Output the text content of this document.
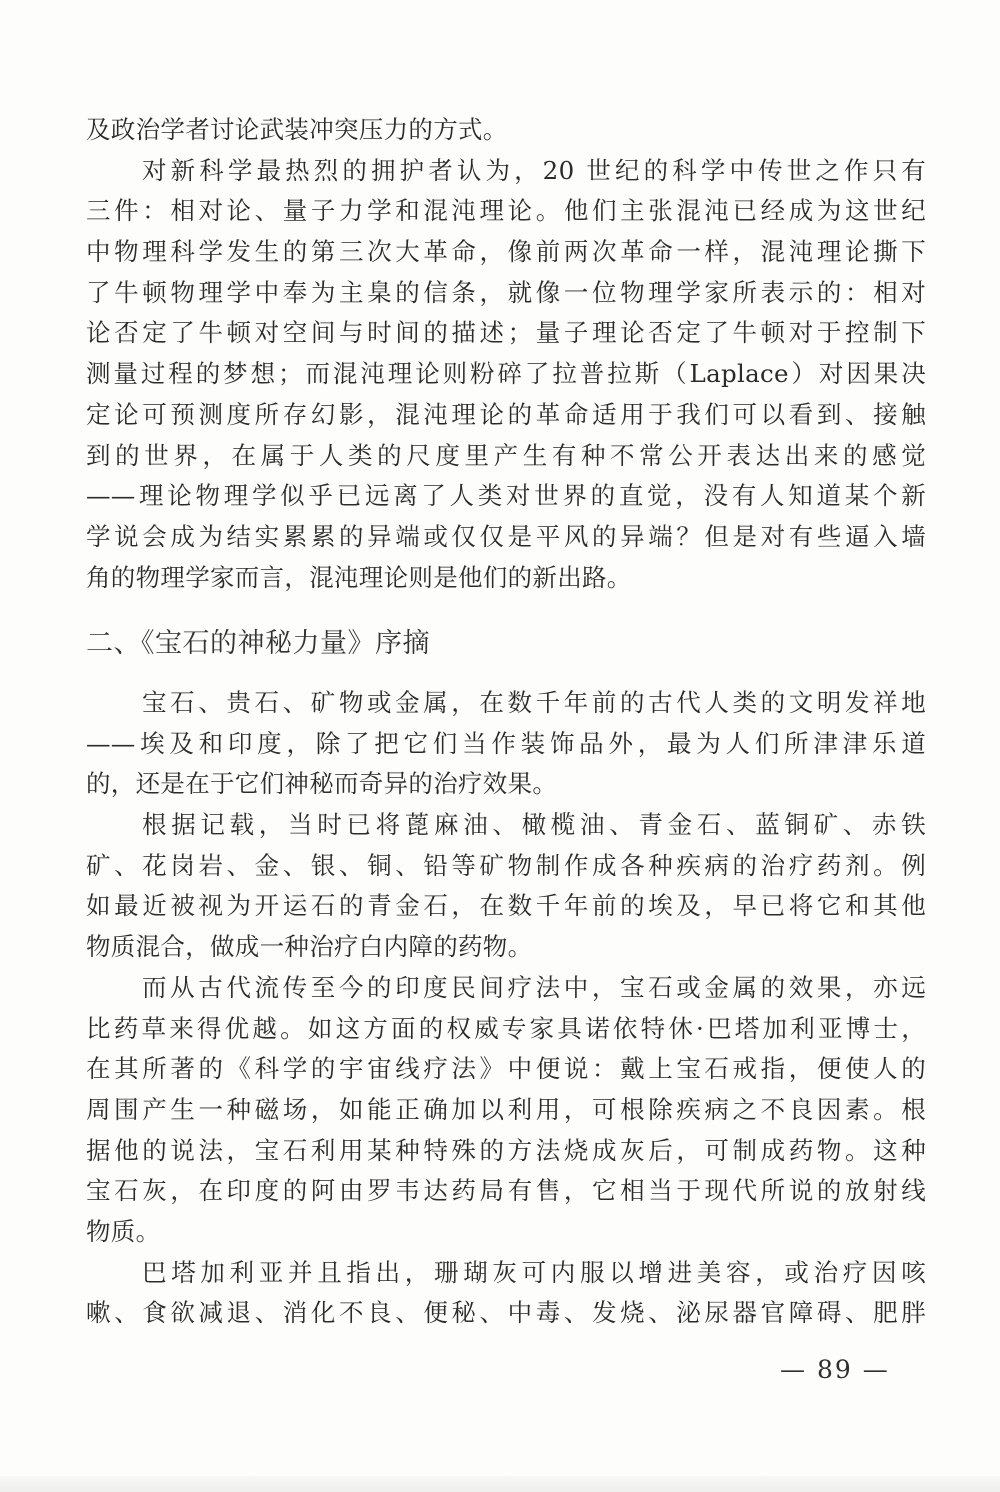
及政治学者讨论武装冲突压力的方式。
对新科学最热烈的拥护者认为，20 世纪的科学中传世之作只有
三件：相对论、量子力学和混沌理论。他们主张混沌已经成为这世纪
中物理科学发生的第三次大革命，像前两次革命一样，混沌理论撕下
了牛顿物理学中奉为主臬的信条，就像一位物理学家所表示的：相对
论否定了牛顿对空间与时间的描述；量子理论否定了牛顿对于控制下
测量过程的梦想；而混沌理论则粉碎了拉普拉斯（Laplace）对因果决
定论可预测度所存幻影，混沌理论的革命适用于我们可以看到、接触
到的世界，在属于人类的尺度里产生有种不常公开表达出来的感觉
——理论物理学似乎已远离了人类对世界的直觉，没有人知道某个新
学说会成为结实累累的异端或仅仅是平风的异端？但是对有些逼入墙
角的物理学家而言，混沌理论则是他们的新出路。
二、《宝石的神秘力量》序摘
宝石、贵石、矿物或金属，在数千年前的古代人类的文明发祥地
——埃及和印度，除了把它们当作装饰品外，最为人们所津津乐道
的，还是在于它们神秘而奇异的治疗效果。
根据记载，当时已将蓖麻油、橄榄油、青金石、蓝铜矿、赤铁
矿、花岗岩、金、银、铜、铅等矿物制作成各种疾病的治疗药剂。例
如最近被视为开运石的青金石，在数千年前的埃及，早已将它和其他
物质混合，做成一种治疗白内障的药物。
而从古代流传至今的印度民间疗法中，宝石或金属的效果，亦远
比药草来得优越。如这方面的权威专家具诺依特休·巴塔加利亚博士，
在其所著的《科学的宇宙线疗法》中便说：戴上宝石戒指，便使人的
周围产生一种磁场，如能正确加以利用，可根除疾病之不良因素。根
据他的说法，宝石利用某种特殊的方法烧成灰后，可制成药物。这种
宝石灰，在印度的阿由罗韦达药局有售，它相当于现代所说的放射线
物质。
巴塔加利亚并且指出，珊瑚灰可内服以增进美容，或治疗因咳
嗽、食欲减退、消化不良、便秘、中毒、发烧、泌尿器官障碍、肥胖
— 89 —
